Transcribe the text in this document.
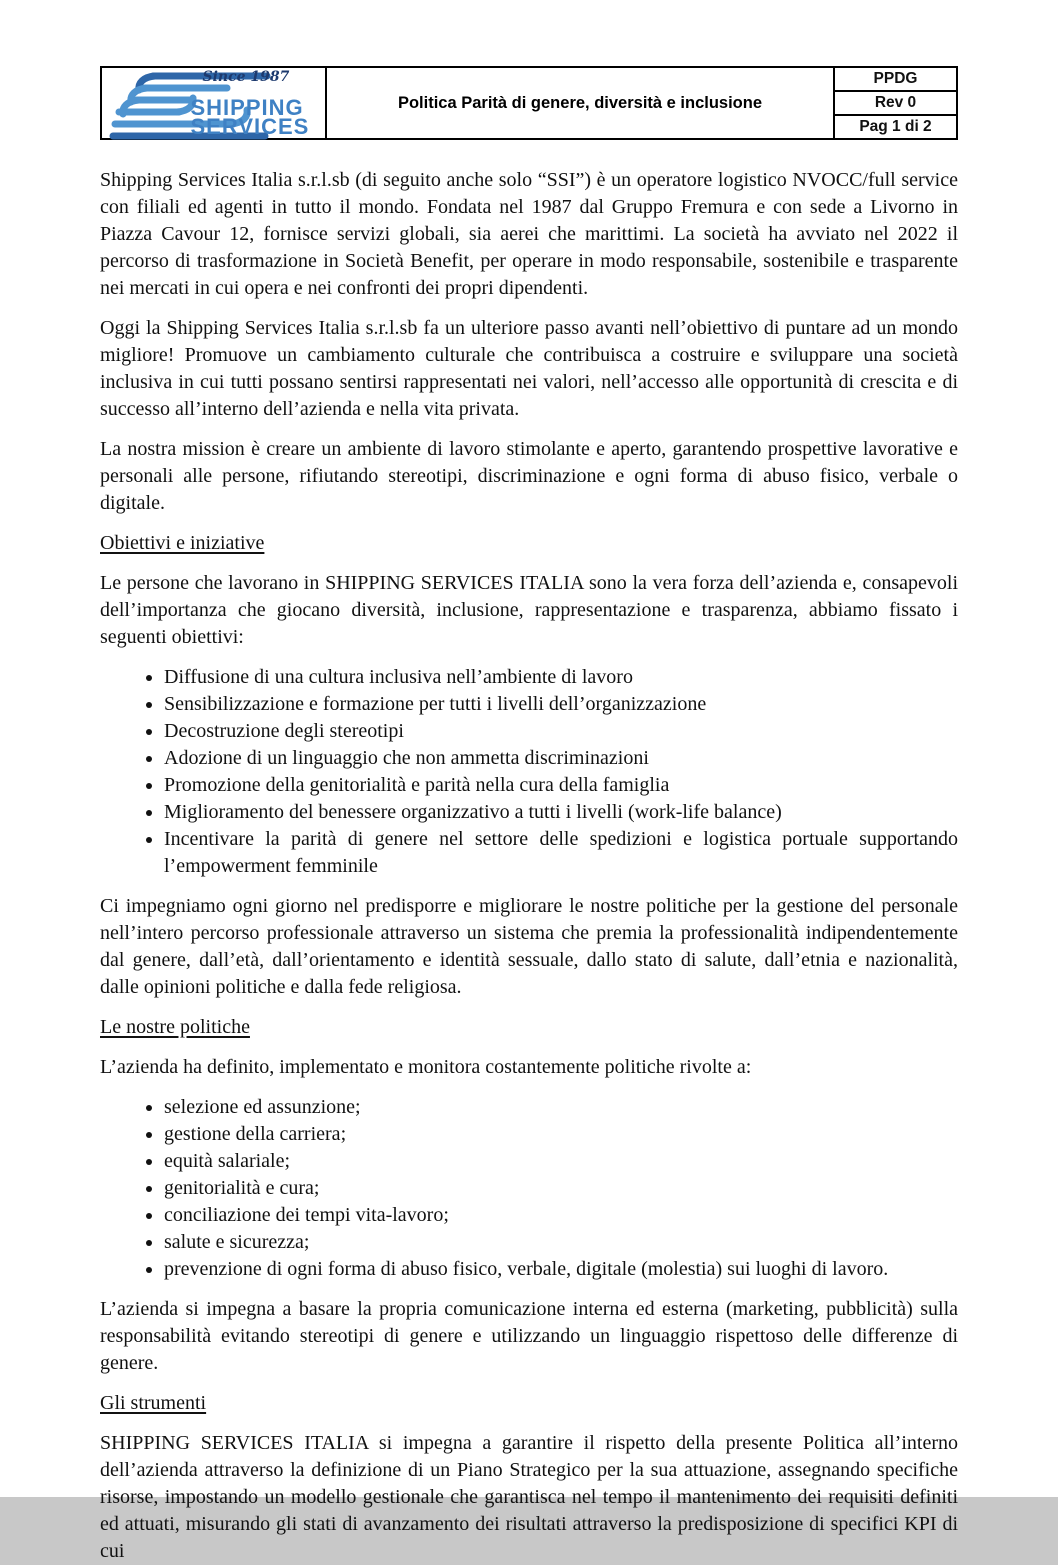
Since 1987
SHIPPING
SERVICES
Politica Parità di genere, diversità e inclusione
PPDG
Rev 0
Pag 1 di 2

Shipping Services Italia s.r.l.sb (di seguito anche solo “SSI”) è un operatore logistico NVOCC/full service con filiali ed agenti in tutto il mondo. Fondata nel 1987 dal Gruppo Fremura e con sede a Livorno in Piazza Cavour 12, fornisce servizi globali, sia aerei che marittimi. La società ha avviato nel 2022 il percorso di trasformazione in Società Benefit, per operare in modo responsabile, sostenibile e trasparente nei mercati in cui opera e nei confronti dei propri dipendenti.

Oggi la Shipping Services Italia s.r.l.sb fa un ulteriore passo avanti nell’obiettivo di puntare ad un mondo migliore! Promuove un cambiamento culturale che contribuisca a costruire e sviluppare una società inclusiva in cui tutti possano sentirsi rappresentati nei valori, nell’accesso alle opportunità di crescita e di successo all’interno dell’azienda e nella vita privata.

La nostra mission è creare un ambiente di lavoro stimolante e aperto, garantendo prospettive lavorative e personali alle persone, rifiutando stereotipi, discriminazione e ogni forma di abuso fisico, verbale o digitale.

Obiettivi e iniziative

Le persone che lavorano in SHIPPING SERVICES ITALIA sono la vera forza dell’azienda e, consapevoli dell’importanza che giocano diversità, inclusione, rappresentazione e trasparenza, abbiamo fissato i seguenti obiettivi:

• Diffusione di una cultura inclusiva nell’ambiente di lavoro
• Sensibilizzazione e formazione per tutti i livelli dell’organizzazione
• Decostruzione degli stereotipi
• Adozione di un linguaggio che non ammetta discriminazioni
• Promozione della genitorialità e parità nella cura della famiglia
• Miglioramento del benessere organizzativo a tutti i livelli (work-life balance)
• Incentivare la parità di genere nel settore delle spedizioni e logistica portuale supportando l’empowerment femminile

Ci impegniamo ogni giorno nel predisporre e migliorare le nostre politiche per la gestione del personale nell’intero percorso professionale attraverso un sistema che premia la professionalità indipendentemente dal genere, dall’età, dall’orientamento e identità sessuale, dallo stato di salute, dall’etnia e nazionalità, dalle opinioni politiche e dalla fede religiosa.

Le nostre politiche

L’azienda ha definito, implementato e monitora costantemente politiche rivolte a:

• selezione ed assunzione;
• gestione della carriera;
• equità salariale;
• genitorialità e cura;
• conciliazione dei tempi vita-lavoro;
• salute e sicurezza;
• prevenzione di ogni forma di abuso fisico, verbale, digitale (molestia) sui luoghi di lavoro.

L’azienda si impegna a basare la propria comunicazione interna ed esterna (marketing, pubblicità) sulla responsabilità evitando stereotipi di genere e utilizzando un linguaggio rispettoso delle differenze di genere.

Gli strumenti

SHIPPING SERVICES ITALIA si impegna a garantire il rispetto della presente Politica all’interno dell’azienda attraverso la definizione di un Piano Strategico per la sua attuazione, assegnando specifiche risorse, impostando un modello gestionale che garantisca nel tempo il mantenimento dei requisiti definiti ed attuati, misurando gli stati di avanzamento dei risultati attraverso la predisposizione di specifici KPI di cui
